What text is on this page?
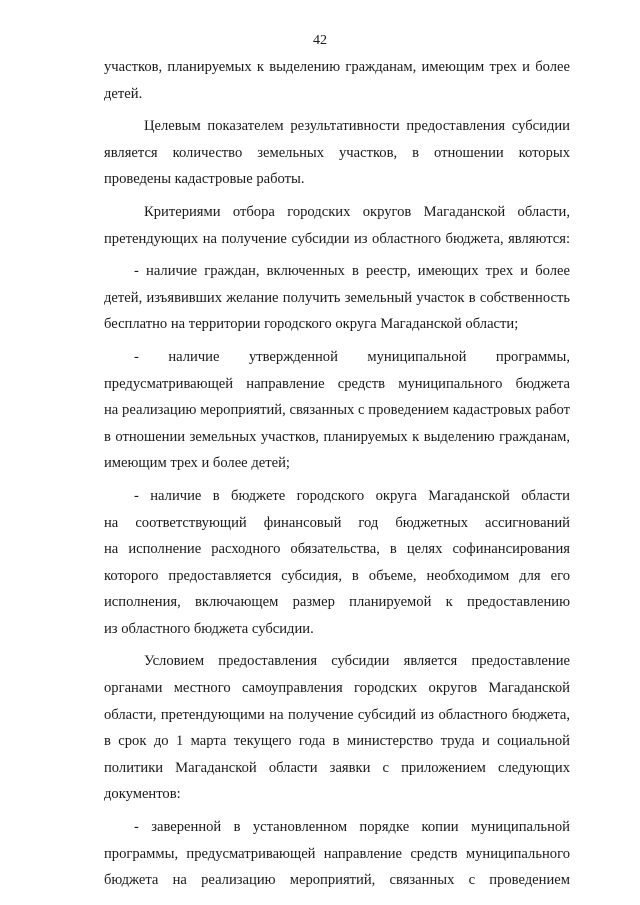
42
участков, планируемых к выделению гражданам, имеющим трех и более
детей.
Целевым показателем результативности предоставления субсидии
является количество земельных участков, в отношении которых
проведены кадастровые работы.
Критериями отбора городских округов Магаданской области,
претендующих на получение субсидии из областного бюджета, являются:
- наличие граждан, включенных в реестр, имеющих трех и более
детей, изъявивших желание получить земельный участок в собственность
бесплатно на территории городского округа Магаданской области;
- наличие утвержденной муниципальной программы,
предусматривающей направление средств муниципального бюджета
на реализацию мероприятий, связанных с проведением кадастровых работ
в отношении земельных участков, планируемых к выделению гражданам,
имеющим трех и более детей;
- наличие в бюджете городского округа Магаданской области
на соответствующий финансовый год бюджетных ассигнований
на исполнение расходного обязательства, в целях софинансирования
которого предоставляется субсидия, в объеме, необходимом для его
исполнения, включающем размер планируемой к предоставлению
из областного бюджета субсидии.
Условием предоставления субсидии является предоставление
органами местного самоуправления городских округов Магаданской
области, претендующими на получение субсидий из областного бюджета,
в срок до 1 марта текущего года в министерство труда и социальной
политики Магаданской области заявки с приложением следующих
документов:
- заверенной в установленном порядке копии муниципальной
программы, предусматривающей направление средств муниципального
бюджета на реализацию мероприятий, связанных с проведением
